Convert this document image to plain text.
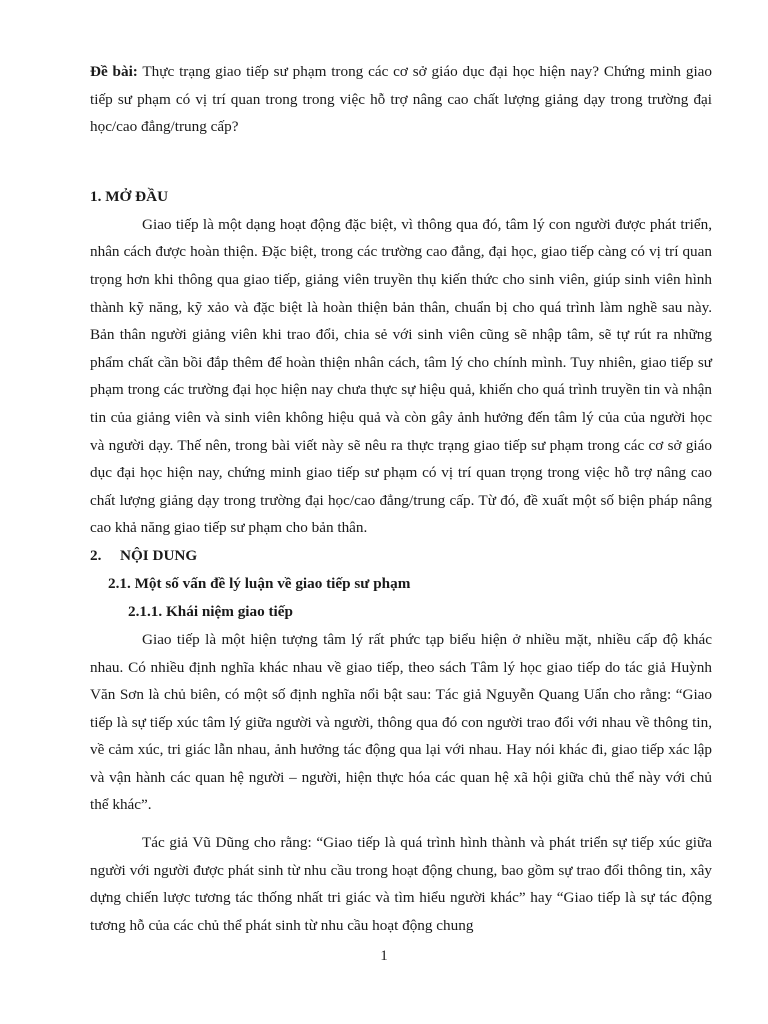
Đề bài: Thực trạng giao tiếp sư phạm trong các cơ sở giáo dục đại học hiện nay? Chứng minh giao tiếp sư phạm có vị trí quan trong trong việc hỗ trợ nâng cao chất lượng giảng dạy trong trường đại học/cao đẳng/trung cấp?

1. MỞ ĐẦU

Giao tiếp là một dạng hoạt động đặc biệt, vì thông qua đó, tâm lý con người được phát triển, nhân cách được hoàn thiện. Đặc biệt, trong các trường cao đẳng, đại học, giao tiếp càng có vị trí quan trọng hơn khi thông qua giao tiếp, giảng viên truyền thụ kiến thức cho sinh viên, giúp sinh viên hình thành kỹ năng, kỹ xảo và đặc biệt là hoàn thiện bản thân, chuẩn bị cho quá trình làm nghề sau này. Bản thân người giảng viên khi trao đổi, chia sẻ với sinh viên cũng sẽ nhập tâm, sẽ tự rút ra những phẩm chất cần bồi đắp thêm để hoàn thiện nhân cách, tâm lý cho chính mình. Tuy nhiên, giao tiếp sư phạm trong các trường đại học hiện nay chưa thực sự hiệu quả, khiến cho quá trình truyền tin và nhận tin của giảng viên và sinh viên không hiệu quả và còn gây ảnh hưởng đến tâm lý của của người học và người dạy. Thế nên, trong bài viết này sẽ nêu ra thực trạng giao tiếp sư phạm trong các cơ sở giáo dục đại học hiện nay, chứng minh giao tiếp sư phạm có vị trí quan trọng trong việc hỗ trợ nâng cao chất lượng giảng dạy trong trường đại học/cao đẳng/trung cấp. Từ đó, đề xuất một số biện pháp nâng cao khả năng giao tiếp sư phạm cho bản thân.

2. NỘI DUNG

2.1. Một số vấn đề lý luận về giao tiếp sư phạm

2.1.1. Khái niệm giao tiếp

Giao tiếp là một hiện tượng tâm lý rất phức tạp biểu hiện ở nhiều mặt, nhiều cấp độ khác nhau. Có nhiều định nghĩa khác nhau về giao tiếp, theo sách Tâm lý học giao tiếp do tác giả Huỳnh Văn Sơn là chủ biên, có một số định nghĩa nổi bật sau: Tác giả Nguyễn Quang Uẩn cho rằng: “Giao tiếp là sự tiếp xúc tâm lý giữa người và người, thông qua đó con người trao đổi với nhau về thông tin, về cảm xúc, tri giác lẫn nhau, ảnh hưởng tác động qua lại với nhau. Hay nói khác đi, giao tiếp xác lập và vận hành các quan hệ người – người, hiện thực hóa các quan hệ xã hội giữa chủ thể này với chủ thể khác”.

Tác giả Vũ Dũng cho rằng: “Giao tiếp là quá trình hình thành và phát triển sự tiếp xúc giữa người với người được phát sinh từ nhu cầu trong hoạt động chung, bao gồm sự trao đổi thông tin, xây dựng chiến lược tương tác thống nhất tri giác và tìm hiểu người khác” hay “Giao tiếp là sự tác động tương hỗ của các chủ thể phát sinh từ nhu cầu hoạt động chung

1
